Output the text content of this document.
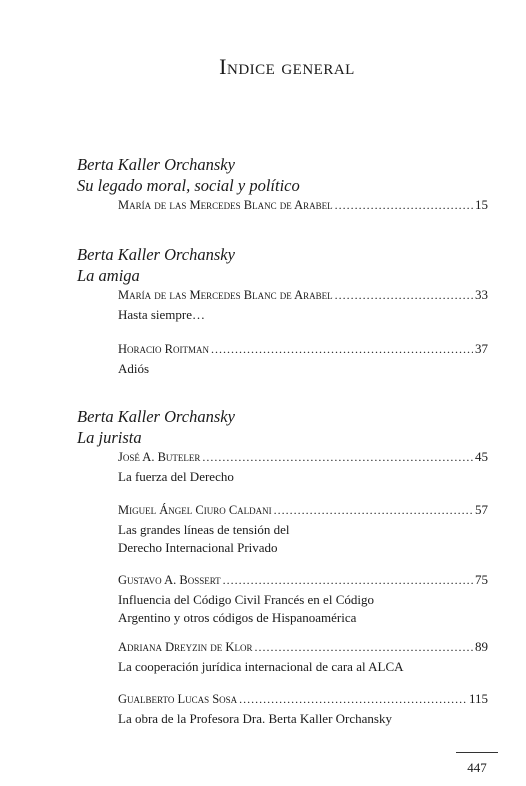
Indice general
Berta Kaller Orchansky
Su legado moral, social y político
María de las Mercedes Blanc de Arabel .....	15
Berta Kaller Orchansky
La amiga
María de las Mercedes Blanc de Arabel .....	33
Hasta siempre…
Horacio Roitman .....	37
Adiós
Berta Kaller Orchansky
La jurista
José A. Buteler .....	45
La fuerza del Derecho
Miguel Ángel Ciuro Caldani .....	57
Las grandes líneas de tensión del
Derecho Internacional Privado
Gustavo A. Bossert .....	75
Influencia del Código Civil Francés en el Código
Argentino y otros códigos de Hispanoamérica
Adriana Dreyzin de Klor .....	89
La cooperación jurídica internacional de cara al ALCA
Gualberto Lucas Sosa .....	115
La obra de la Profesora Dra. Berta Kaller Orchansky
447
